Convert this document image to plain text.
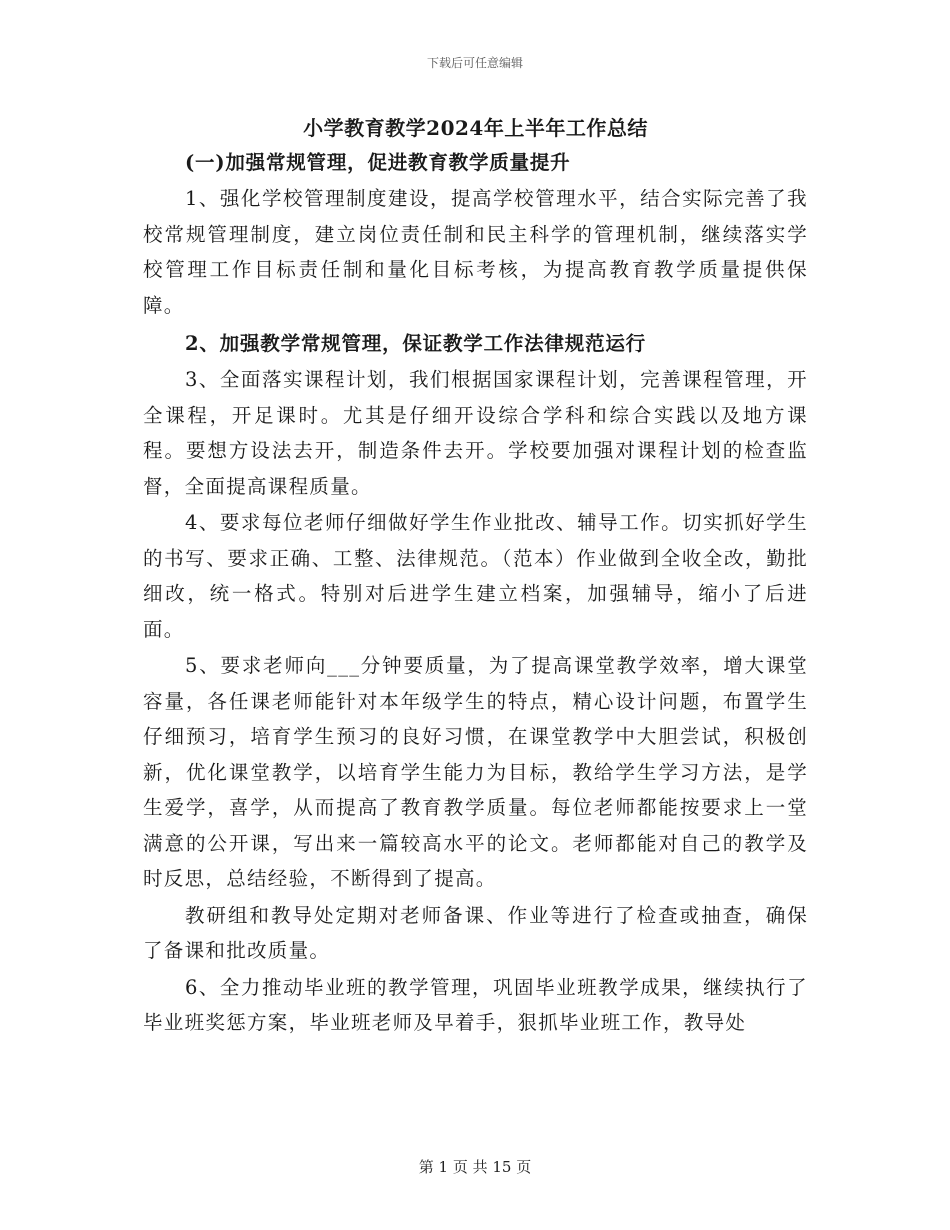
下载后可任意编辑

小学教育教学2024年上半年工作总结

(一)加强常规管理，促进教育教学质量提升

1、强化学校管理制度建设，提高学校管理水平，结合实际完善了我校常规管理制度，建立岗位责任制和民主科学的管理机制，继续落实学校管理工作目标责任制和量化目标考核，为提高教育教学质量提供保障。

2、加强教学常规管理，保证教学工作法律规范运行

3、全面落实课程计划，我们根据国家课程计划，完善课程管理，开全课程，开足课时。尤其是仔细开设综合学科和综合实践以及地方课程。要想方设法去开，制造条件去开。学校要加强对课程计划的检查监督，全面提高课程质量。

4、要求每位老师仔细做好学生作业批改、辅导工作。切实抓好学生的书写、要求正确、工整、法律规范。（范本）作业做到全收全改，勤批细改，统一格式。特别对后进学生建立档案，加强辅导，缩小了后进面。

5、要求老师向___分钟要质量，为了提高课堂教学效率，增大课堂容量，各任课老师能针对本年级学生的特点，精心设计问题，布置学生仔细预习，培育学生预习的良好习惯，在课堂教学中大胆尝试，积极创新，优化课堂教学，以培育学生能力为目标，教给学生学习方法，是学生爱学，喜学，从而提高了教育教学质量。每位老师都能按要求上一堂满意的公开课，写出来一篇较高水平的论文。老师都能对自己的教学及时反思，总结经验，不断得到了提高。

教研组和教导处定期对老师备课、作业等进行了检查或抽查，确保了备课和批改质量。

6、全力推动毕业班的教学管理，巩固毕业班教学成果，继续执行了毕业班奖惩方案，毕业班老师及早着手，狠抓毕业班工作，教导处

第 1 页 共 15 页
